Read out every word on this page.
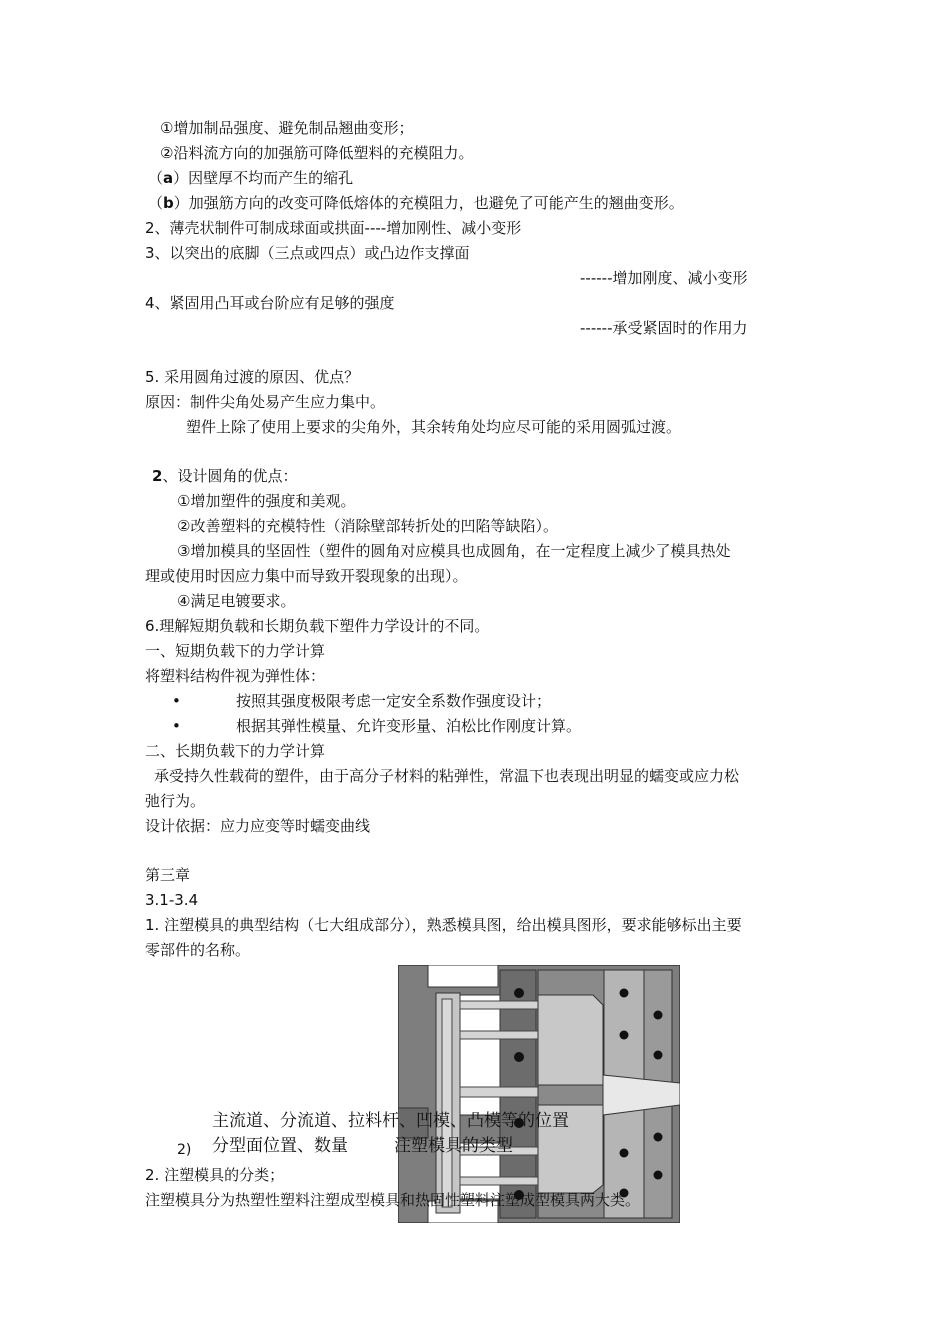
①增加制品强度、避免制品翘曲变形；
②沿料流方向的加强筋可降低塑料的充模阻力。
（a）因壁厚不均而产生的缩孔
（b）加强筋方向的改变可降低熔体的充模阻力，也避免了可能产生的翘曲变形。
2、薄壳状制件可制成球面或拱面----增加刚性、减小变形
3、以突出的底脚（三点或四点）或凸边作支撑面
------增加刚度、减小变形
4、紧固用凸耳或台阶应有足够的强度
------承受紧固时的作用力
5. 采用圆角过渡的原因、优点？
原因：制件尖角处易产生应力集中。
塑件上除了使用上要求的尖角外，其余转角处均应尽可能的采用圆弧过渡。
2、设计圆角的优点：
①增加塑件的强度和美观。
②改善塑料的充模特性（消除壁部转折处的凹陷等缺陷）。
③增加模具的坚固性（塑件的圆角对应模具也成圆角，在一定程度上减少了模具热处
理或使用时因应力集中而导致开裂现象的出现）。
④满足电镀要求。
6.理解短期负载和长期负载下塑件力学设计的不同。
一、短期负载下的力学计算
将塑料结构件视为弹性体：
•	按照其强度极限考虑一定安全系数作强度设计；
•	根据其弹性模量、允许变形量、泊松比作刚度计算。
二、长期负载下的力学计算
承受持久性载荷的塑件，由于高分子材料的粘弹性，常温下也表现出明显的蠕变或应力松
弛行为。
设计依据：应力应变等时蠕变曲线
第三章
3.1-3.4
1. 注塑模具的典型结构（七大组成部分），熟悉模具图，给出模具图形，要求能够标出主要
零部件的名称。
主流道、分流道、拉料杆、凹模、凸模等的位置
2) 分型面位置、数量	注塑模具的类型
2. 注塑模具的分类；
注塑模具分为热塑性塑料注塑成型模具和热固性塑料注塑成型模具两大类。
